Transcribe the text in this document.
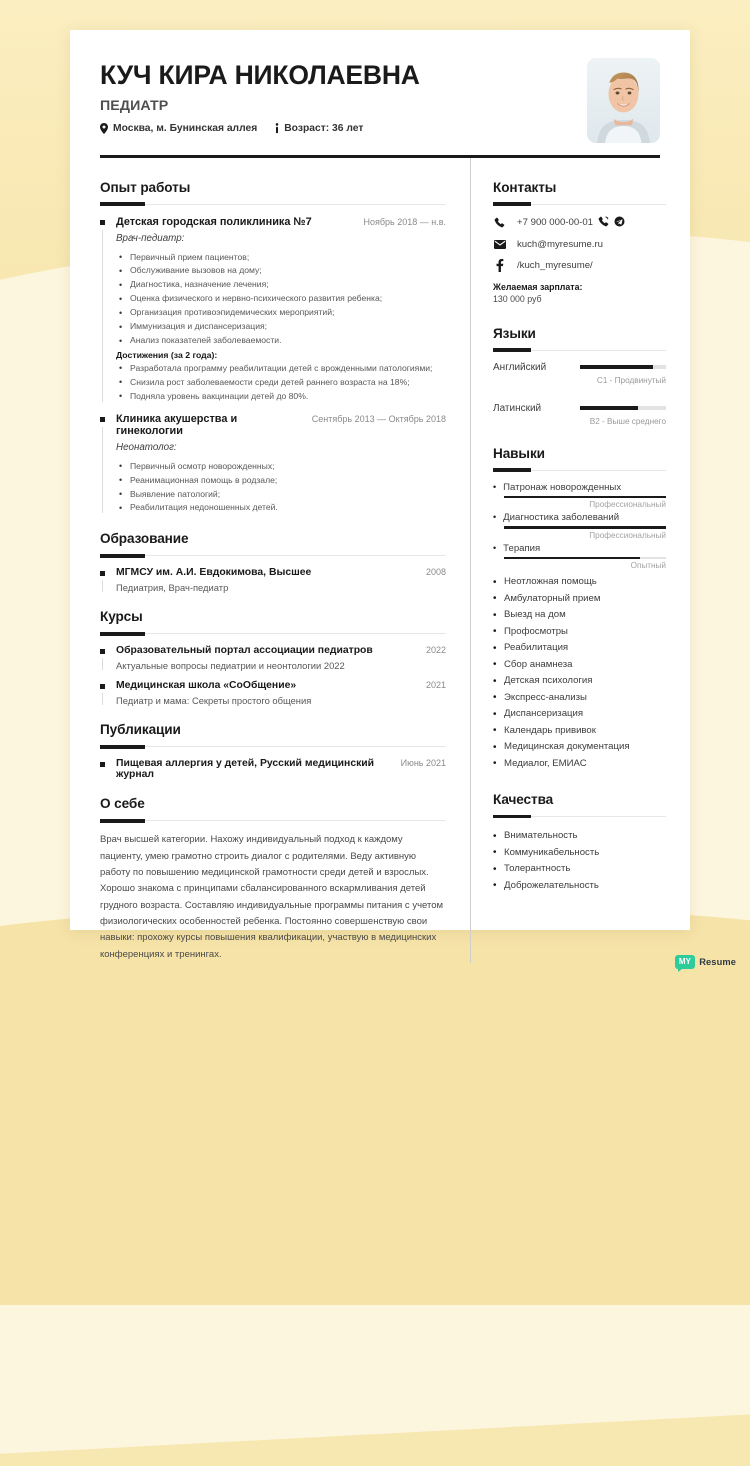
КУЧ КИРА НИКОЛАЕВНА
ПЕДИАТР
Москва, м. Бунинская аллея	Возраст: 36 лет
Опыт работы
Детская городская поликлиника №7	Ноябрь 2018 — н.в.
Врач-педиатр:
• Первичный прием пациентов;
• Обслуживание вызовов на дому;
• Диагностика, назначение лечения;
• Оценка физического и нервно-психического развития ребенка;
• Организация противоэпидемических мероприятий;
• Иммунизация и диспансеризация;
• Анализ показателей заболеваемости.
Достижения (за 2 года):
• Разработала программу реабилитации детей с врожденными патологиями;
• Снизила рост заболеваемости среди детей раннего возраста на 18%;
• Подняла уровень вакцинации детей до 80%.
Клиника акушерства и гинекологии
Сентябрь 2013 — Октябрь 2018
Неонатолог:
• Первичный осмотр новорожденных;
• Реанимационная помощь в родзале;
• Выявление патологий;
• Реабилитация недоношенных детей.
Образование
МГМСУ им. А.И. Евдокимова, Высшее	2008
Педиатрия, Врач-педиатр
Курсы
Образовательный портал ассоциации педиатров	2022
Актуальные вопросы педиатрии и неонтологии 2022
Медицинская школа «СоОбщение»	2021
Педиатр и мама: Секреты простого общения
Публикации
Пищевая аллергия у детей, Русский медицинский журнал
Июнь 2021
О себе
Врач высшей категории. Нахожу индивидуальный подход к каждому пациенту, умею грамотно строить диалог с родителями. Веду активную работу по повышению медицинской грамотности среди детей и взрослых. Хорошо знакома с принципами сбалансированного вскармливания детей грудного возраста. Составляю индивидуальные программы питания с учетом физиологических особенностей ребенка. Постоянно совершенствую свои навыки: прохожу курсы повышения квалификации, участвую в медицинских конференциях и тренингах.
Контакты
+7 900 000-00-01
kuch@myresume.ru
/kuch_myresume/
Желаемая зарплата:
130 000 руб
Языки
Английский
C1 - Продвинутый
Латинский
B2 - Выше среднего
Навыки
• Патронаж новорожденных
Профессиональный
• Диагностика заболеваний
Профессиональный
• Терапия
Опытный
• Неотложная помощь
• Амбулаторный прием
• Выезд на дом
• Профосмотры
• Реабилитация
• Сбор анамнеза
• Детская психология
• Экспресс-анализы
• Диспансеризация
• Календарь прививок
• Медицинская документация
• Медиалог, ЕМИАС
Качества
• Внимательность
• Коммуникабельность
• Толерантность
• Доброжелательность
MY Resume
